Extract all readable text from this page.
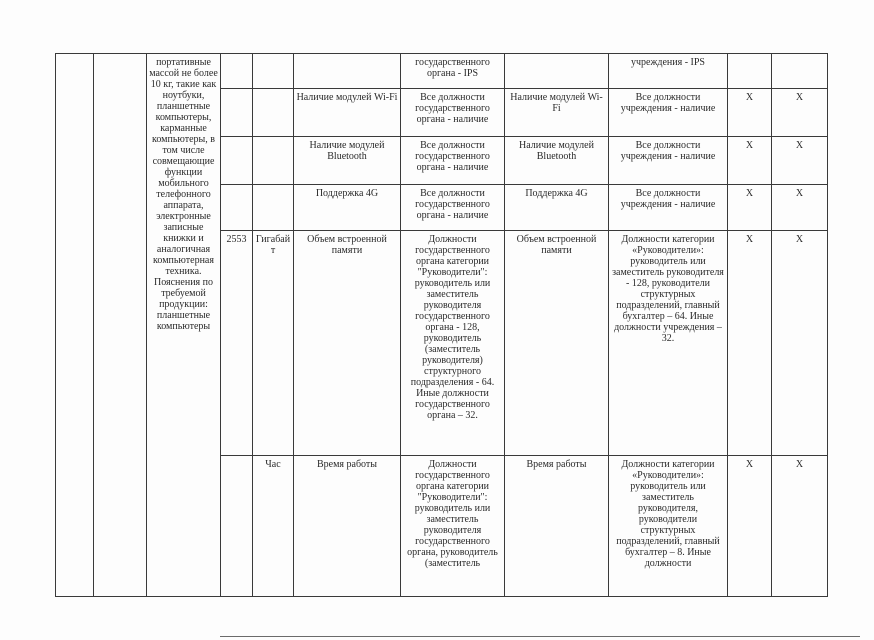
		портативные массой не более 10 кг, такие как ноутбуки, планшетные компьютеры, карманные компьютеры, в том числе совмещающие функции мобильного телефонного аппарата, электронные записные книжки и аналогичная компьютерная техника. Пояснения по требуемой продукции: планшетные компьютеры				государственного органа - IPS		учреждения - IPS		
					Наличие модулей Wi-Fi	Все должности государственного органа - наличие	Наличие модулей Wi-Fi	Все должности учреждения - наличие	X	X
					Наличие модулей Bluetooth	Все должности государственного органа - наличие	Наличие модулей Bluetooth	Все должности учреждения - наличие	X	X
					Поддержка 4G	Все должности государственного органа - наличие	Поддержка 4G	Все должности учреждения - наличие	X	X
			2553	Гигабайт	Объем встроенной памяти	Должности государственного органа категории "Руководители": руководитель или заместитель руководителя государственного органа - 128, руководитель (заместитель руководителя) структурного подразделения - 64. Иные должности государственного органа – 32.	Объем встроенной памяти	Должности категории «Руководители»: руководитель или заместитель руководителя - 128, руководители структурных подразделений, главный бухгалтер – 64. Иные должности учреждения – 32.	X	X
				Час	Время работы	Должности государственного органа категории "Руководители": руководитель или заместитель руководителя государственного органа, руководитель (заместитель	Время работы	Должности категории «Руководители»: руководитель или заместитель руководителя, руководители структурных подразделений, главный бухгалтер – 8. Иные должности	X	X
